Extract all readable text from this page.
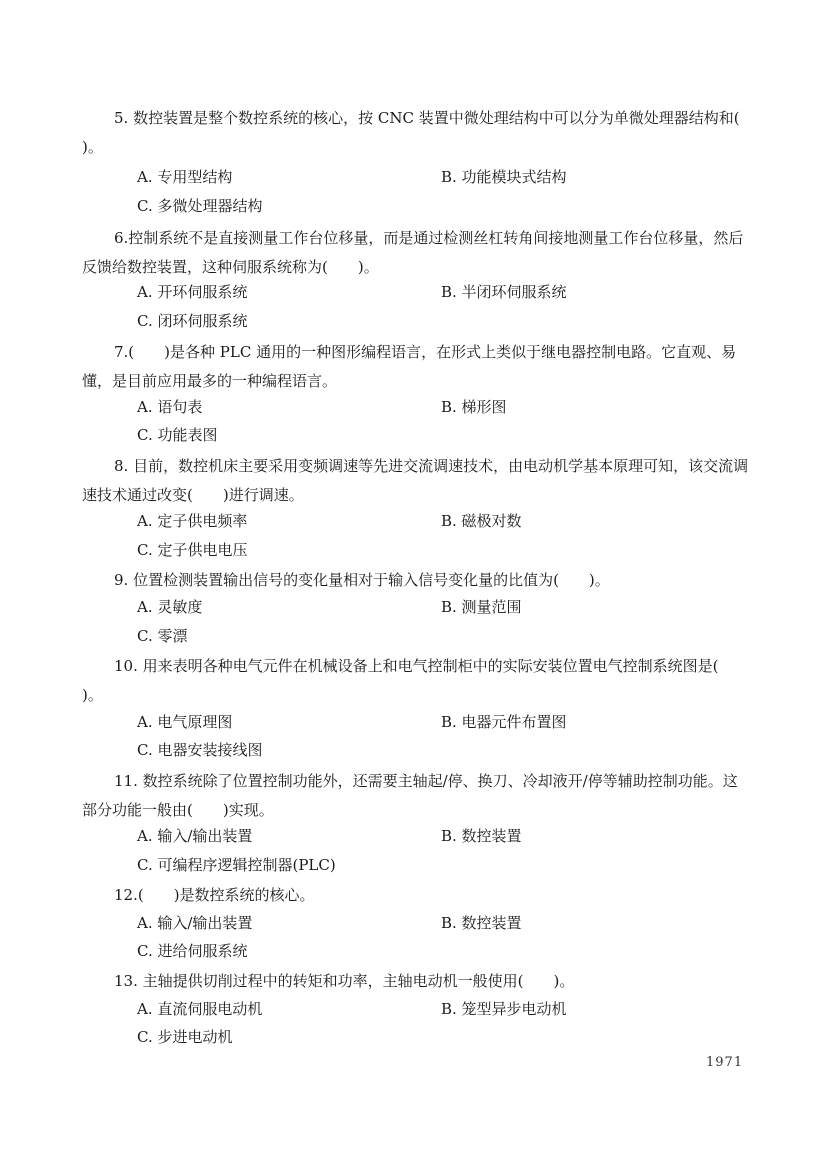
5. 数控装置是整个数控系统的核心，按 CNC 装置中微处理结构中可以分为单微处理器结构和(　　)。

A. 专用型结构	B. 功能模块式结构
C. 多微处理器结构

6.控制系统不是直接测量工作台位移量，而是通过检测丝杠转角间接地测量工作台位移量，然后反馈给数控装置，这种伺服系统称为(　　)。

A. 开环伺服系统	B. 半闭环伺服系统
C. 闭环伺服系统

7.(　　)是各种 PLC 通用的一种图形编程语言，在形式上类似于继电器控制电路。它直观、易懂，是目前应用最多的一种编程语言。

A. 语句表	B. 梯形图
C. 功能表图

8. 目前，数控机床主要采用变频调速等先进交流调速技术，由电动机学基本原理可知，该交流调速技术通过改变(　　)进行调速。

A. 定子供电频率	B. 磁极对数
C. 定子供电电压

9. 位置检测装置输出信号的变化量相对于输入信号变化量的比值为(　　)。

A. 灵敏度	B. 测量范围
C. 零漂

10. 用来表明各种电气元件在机械设备上和电气控制柜中的实际安装位置电气控制系统图是(　　)。

A. 电气原理图	B. 电器元件布置图
C. 电器安装接线图

11. 数控系统除了位置控制功能外，还需要主轴起/停、换刀、冷却液开/停等辅助控制功能。这部分功能一般由(　　)实现。

A. 输入/输出装置	B. 数控装置
C. 可编程序逻辑控制器(PLC)

12.(　　)是数控系统的核心。

A. 输入/输出装置	B. 数控装置
C. 进给伺服系统

13. 主轴提供切削过程中的转矩和功率，主轴电动机一般使用(　　)。

A. 直流伺服电动机	B. 笼型异步电动机
C. 步进电动机
1971
